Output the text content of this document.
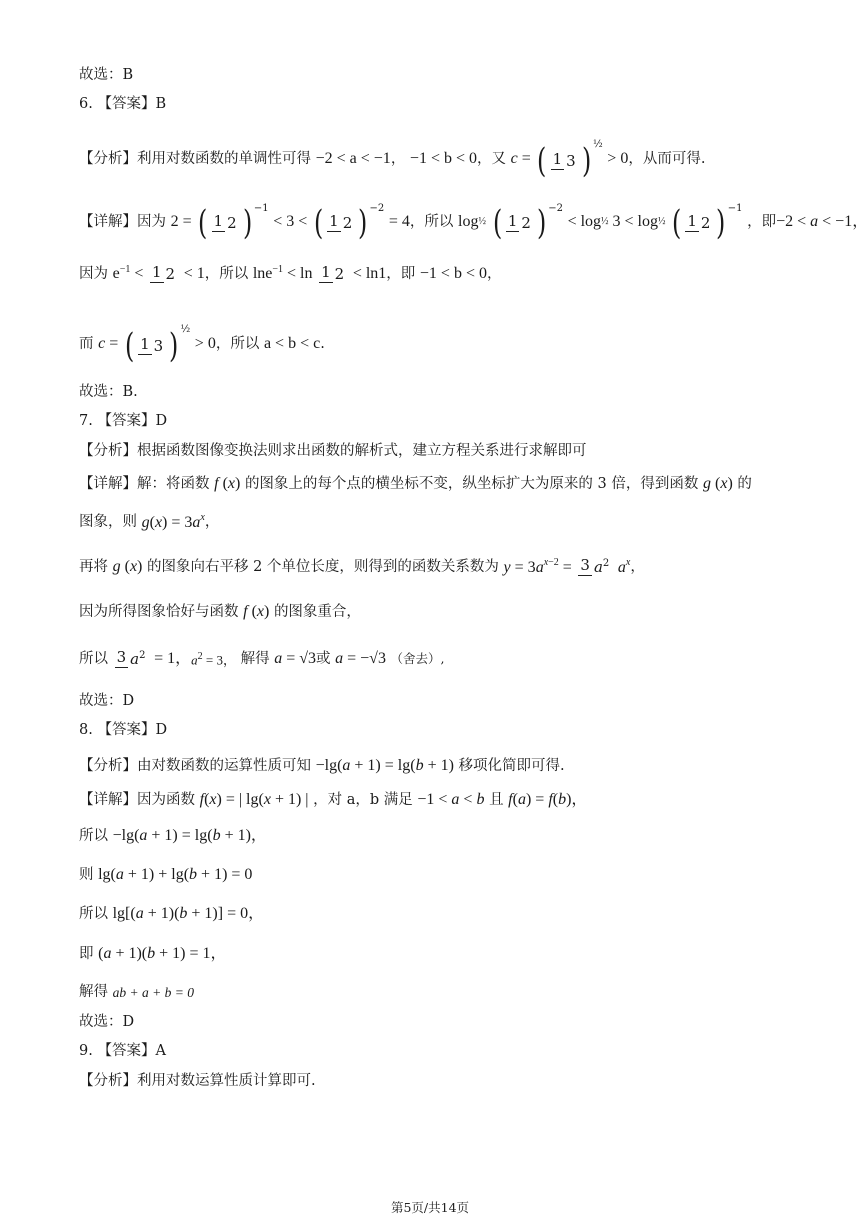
故选：B
6. 【答案】B
【分析】利用对数函数的单调性可得 −2 < a < −1， −1 < b < 0，又 c = ( 1 3 ) $^{\frac{1}{2}}$ > 0，从而可得.
【详解】因为 2 = ( 1 2 ) $^{-1}$ < 3 < ( 1 2 ) $^{-2}$ = 4，所以 log½ ( 1 2 ) $^{-2}$ < log½ 3 < log½ ( 1 2 ) $^{-1}$ ，即−2 < a < −1，
因为 $e^{-1} < 1$ 2 < 1，所以 lne$^{-1}$ < ln 1 2 < ln1，即 −1 < b < 0，
而 c = ( 1 3 ) $^{\frac{1}{2}}$ > 0，所以 a < b < c.
故选：B.
7. 【答案】D
【分析】根据函数图像变换法则求出函数的解析式，建立方程关系进行求解即可
【详解】解：将函数 f (x) 的图象上的每个点的横坐标不变，纵坐标扩大为原来的 3 倍，得到函数 g (x) 的
图象，则 $g(x) = 3a^x$，
再将 g (x) 的图象向右平移 2 个单位长度，则得到的函数关系数为 $y = 3a^{x-2} = 3$ $a^2$ $a^x$，
因为所得图象恰好与函数 f (x) 的图象重合，
所以 3 $a^2 = 1$，$a^2 = 3$， 解得 a = √3或 a = −√3 （舍去）,
故选：D
8. 【答案】D
【分析】由对数函数的运算性质可知 −lg(a + 1) = lg(b + 1) 移项化简即可得.
【详解】因为函数 f(x) = | lg(x + 1) | ，对 a，b 满足 −1 < a < b 且 f(a) = f(b)，
所以 −lg(a + 1) = lg(b + 1)，
则 lg(a + 1) + lg(b + 1) = 0
所以 lg[(a + 1)(b + 1)] = 0，
即 (a + 1)(b + 1) = 1，
解得 ab + a + b = 0
故选：D
9. 【答案】A
【分析】利用对数运算性质计算即可.
第5页/共14页
